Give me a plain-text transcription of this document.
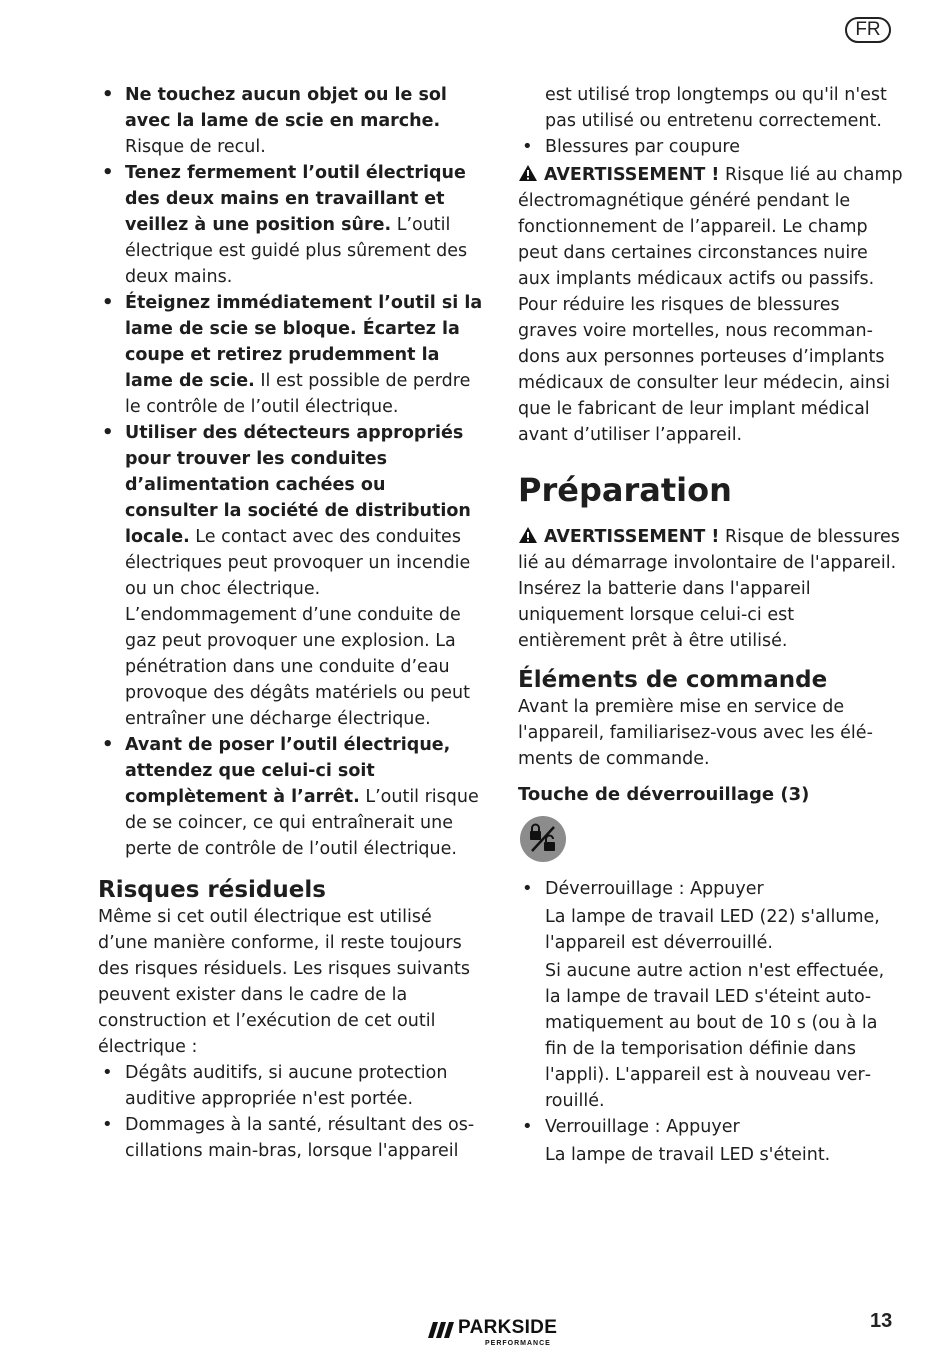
FR
• Ne touchez aucun objet ou le sol avec la lame de scie en marche. Risque de recul.
• Tenez fermement l’outil électrique des deux mains en travaillant et veillez à une position sûre. L’outil électrique est guidé plus sûrement des deux mains.
• Éteignez immédiatement l’outil si la lame de scie se bloque. Écartez la coupe et retirez prudemment la lame de scie. Il est possible de perdre le contrôle de l’outil électrique.
• Utiliser des détecteurs appropriés pour trouver les conduites d’alimentation cachées ou consulter la société de distribution locale. Le contact avec des conduites électriques peut provoquer un incendie ou un choc électrique. L’endommagement d’une conduite de gaz peut provoquer une explosion. La pénétration dans une conduite d’eau provoque des dégâts matériels ou peut entraîner une décharge électrique.
• Avant de poser l’outil électrique, attendez que celui-ci soit complètement à l’arrêt. L’outil risque de se coincer, ce qui entraînerait une perte de contrôle de l’outil électrique.
Risques résiduels

Même si cet outil électrique est utilisé d’une manière conforme, il reste toujours des risques résiduels. Les risques suivants peuvent exister dans le cadre de la construction et l’exécution de cet outil électrique :

• Dégâts auditifs, si aucune protection auditive appropriée n'est portée.
• Dommages à la santé, résultant des oscillations main-bras, lorsque l'appareil

est utilisé trop longtemps ou qu'il n'est pas utilisé ou entretenu correctement.

• Blessures par coupure

AVERTISSEMENT ! Risque lié au champ électromagnétique généré pendant le fonctionnement de l’appareil. Le champ peut dans certaines circonstances nuire aux implants médicaux actifs ou passifs. Pour réduire les risques de blessures graves voire mortelles, nous recommandons aux personnes porteuses d’implants médicaux de consulter leur médecin, ainsi que le fabricant de leur implant médical avant d’utiliser l’appareil.

Préparation

AVERTISSEMENT ! Risque de blessures lié au démarrage involontaire de l'appareil. Insérez la batterie dans l'appareil uniquement lorsque celui-ci est entièrement prêt à être utilisé.

Éléments de commande

Avant la première mise en service de l'appareil, familiarisez-vous avec les éléments de commande.

Touche de déverrouillage (3)
• Déverrouillage : Appuyer
La lampe de travail LED (22) s'allume, l'appareil est déverrouillé.
Si aucune autre action n'est effectuée, la lampe de travail LED s'éteint automatiquement au bout de 10 s (ou à la fin de la temporisation définie dans l'appli). L'appareil est à nouveau verrouillé.
• Verrouillage : Appuyer
La lampe de travail LED s'éteint.
PARKSIDE
PERFORMANCE
13
